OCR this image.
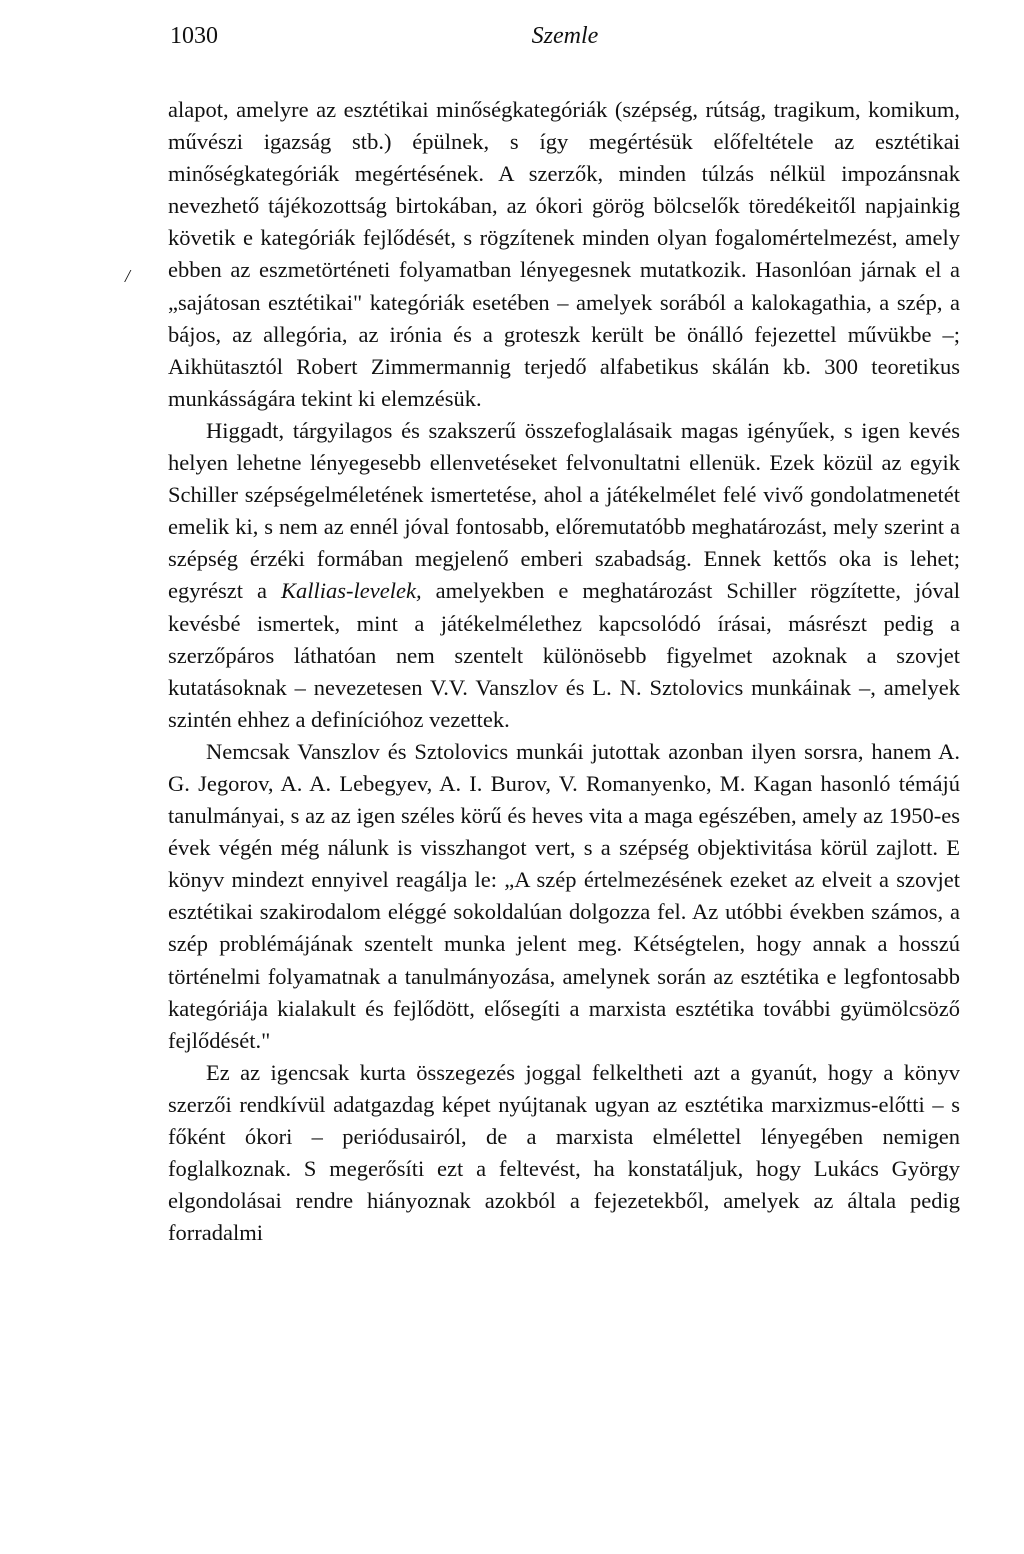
1030	Szemle
/

alapot, amelyre az esztétikai minőségkategóriák (szépség, rútság, tragikum, komikum, művészi igazság stb.) épülnek, s így megértésük előfeltétele az esztétikai minőségkategóriák megértésének. A szerzők, minden túlzás nélkül impozánsnak nevezhető tájékozottság birtokában, az ókori görög bölcselők töredékeitől napjainkig követik e kategóriák fejlődését, s rögzítenek minden olyan fogalomértelmezést, amely ebben az eszmetörténeti folyamatban lényegesnek mutatkozik. Hasonlóan járnak el a „sajátosan esztétikai" kategóriák esetében – amelyek sorából a kalokagathia, a szép, a bájos, az allegória, az irónia és a groteszk került be önálló fejezettel művükbe –; Aikhütasztól Robert Zimmermannig terjedő alfabetikus skálán kb. 300 teoretikus munkásságára tekint ki elemzésük.

Higgadt, tárgyilagos és szakszerű összefoglalásaik magas igényűek, s igen kevés helyen lehetne lényegesebb ellenvetéseket felvonultatni ellenük. Ezek közül az egyik Schiller szépségelméletének ismertetése, ahol a játékelmélet felé vivő gondolatmenetét emelik ki, s nem az ennél jóval fontosabb, előremutatóbb meghatározást, mely szerint a szépség érzéki formában megjelenő emberi szabadság. Ennek kettős oka is lehet; egyrészt a Kallias-levelek, amelyekben e meghatározást Schiller rögzítette, jóval kevésbé ismertek, mint a játékelmélethez kapcsolódó írásai, másrészt pedig a szerzőpáros láthatóan nem szentelt különösebb figyelmet azoknak a szovjet kutatásoknak – nevezetesen V.V. Vanszlov és L. N. Sztolovics munkáinak –, amelyek szintén ehhez a definícióhoz vezettek.

Nemcsak Vanszlov és Sztolovics munkái jutottak azonban ilyen sorsra, hanem A. G. Jegorov, A. A. Lebegyev, A. I. Burov, V. Romanyenko, M. Kagan hasonló témájú tanulmányai, s az az igen széles körű és heves vita a maga egészében, amely az 1950-es évek végén még nálunk is visszhangot vert, s a szépség objektivitása körül zajlott. E könyv mindezt ennyivel reagálja le: „A szép értelmezésének ezeket az elveit a szovjet esztétikai szakirodalom eléggé sokoldalúan dolgozza fel. Az utóbbi években számos, a szép problémájának szentelt munka jelent meg. Kétségtelen, hogy annak a hosszú történelmi folyamatnak a tanulmányozása, amelynek során az esztétika e legfontosabb kategóriája kialakult és fejlődött, elősegíti a marxista esztétika további gyümölcsöző fejlődését."

Ez az igencsak kurta összegezés joggal felkeltheti azt a gyanút, hogy a könyv szerzői rendkívül adatgazdag képet nyújtanak ugyan az esztétika marxizmus-előtti – s főként ókori – periódusairól, de a marxista elmélettel lényegében nemigen foglalkoznak. S megerősíti ezt a feltevést, ha konstatáljuk, hogy Lukács György elgondolásai rendre hiányoznak azokból a fejezetekből, amelyek az általa pedig forradalmi
